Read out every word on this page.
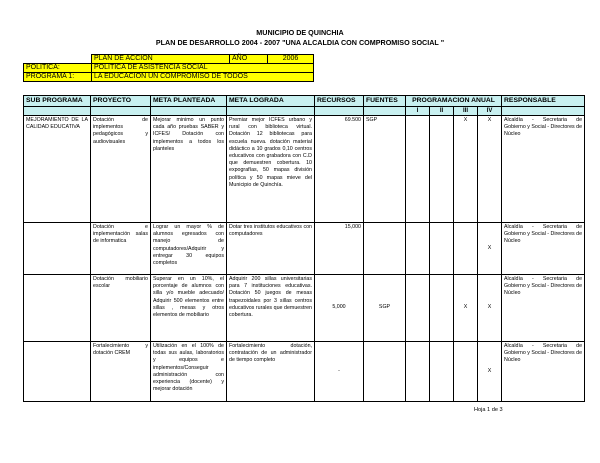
MUNICIPIO DE QUINCHIA
PLAN DE DESARROLLO 2004 - 2007 "UNA ALCALDIA CON COMPROMISO SOCIAL "
	PLAN DE ACCION	AÑO	2006
POLITICA:	POLITICA DE ASISTENCIA SOCIAL		
PROGRAMA 1:	LA EDUCACION UN COMPROMISO DE TODOS		
SUB PROGRAMA	PROYECTO	META PLANTEADA	META LOGRADA	RECURSOS	FUENTES	PROGRAMACION ANUAL				RESPONSABLE
						I	II	III	IV	
MEJORAMIENTO DE LA CALIDAD EDUCATIVA	Dotación de implementos pedagógicos y audiovisuales	Mejorar minimo un punto cada año pruebas SABER y ICFES/ Dotación con implementos a todos los planteles	Premiar mejor ICFES urbano y rural con biblioteca virtual. Dotación 12 bibliotecas para escuela nueva. dotación material didáctico a 10 grados 0,10 centros educativos con grabadora con C.D que demuestren cobertura. 10 expografías, 50 mapas división política y 50 mapas mieve del Municipio de Quinchía.	69.500	SGP			X	X	Alcaldía - Secretaria de Gobierno y Social - Directores de Núcleo
	Dotación e implementación salas de informatica	Lograr un mayor % de alumnos egresados con manejo de computadores/Adquirir y entregar 30 equipos completos	Dotar tres institutos educativos con computadores	15,000					X	Alcaldía - Secretaria de Gobierno y Social - Directores de Núcleo
	Dotación mobiliario escolar	Superar en un 10%, el porcentaje de alumnos con silla y/o mueble adecuado/ Adquirir 500 elementos entre sillas , mesas y otros elementos de mobiliario	Adquirir 200 sillas universitarias para 7 instituciones educativas. Dotación 50 juegos de mesas trapezoidales por 3 sillas centros educativos rurales que demuestren cobertura.	5,000	SGP			X	X	Alcaldía - Secretaria de Gobierno y Social - Directores de Núcleo
	Fortalecimiento y dotación CREM	Utilización en el 100% de todas sus aulas, laboratorios y equipos e implementos/Conseguir administración con experiencia (docente) y mejorar dotación	Fortalecimiento dotación, contratación de un administrador de tiempo completo	-					X	Alcaldía - Secretaria de Gobierno y Social - Directores de Núcleo
Hoja 1 de 3
